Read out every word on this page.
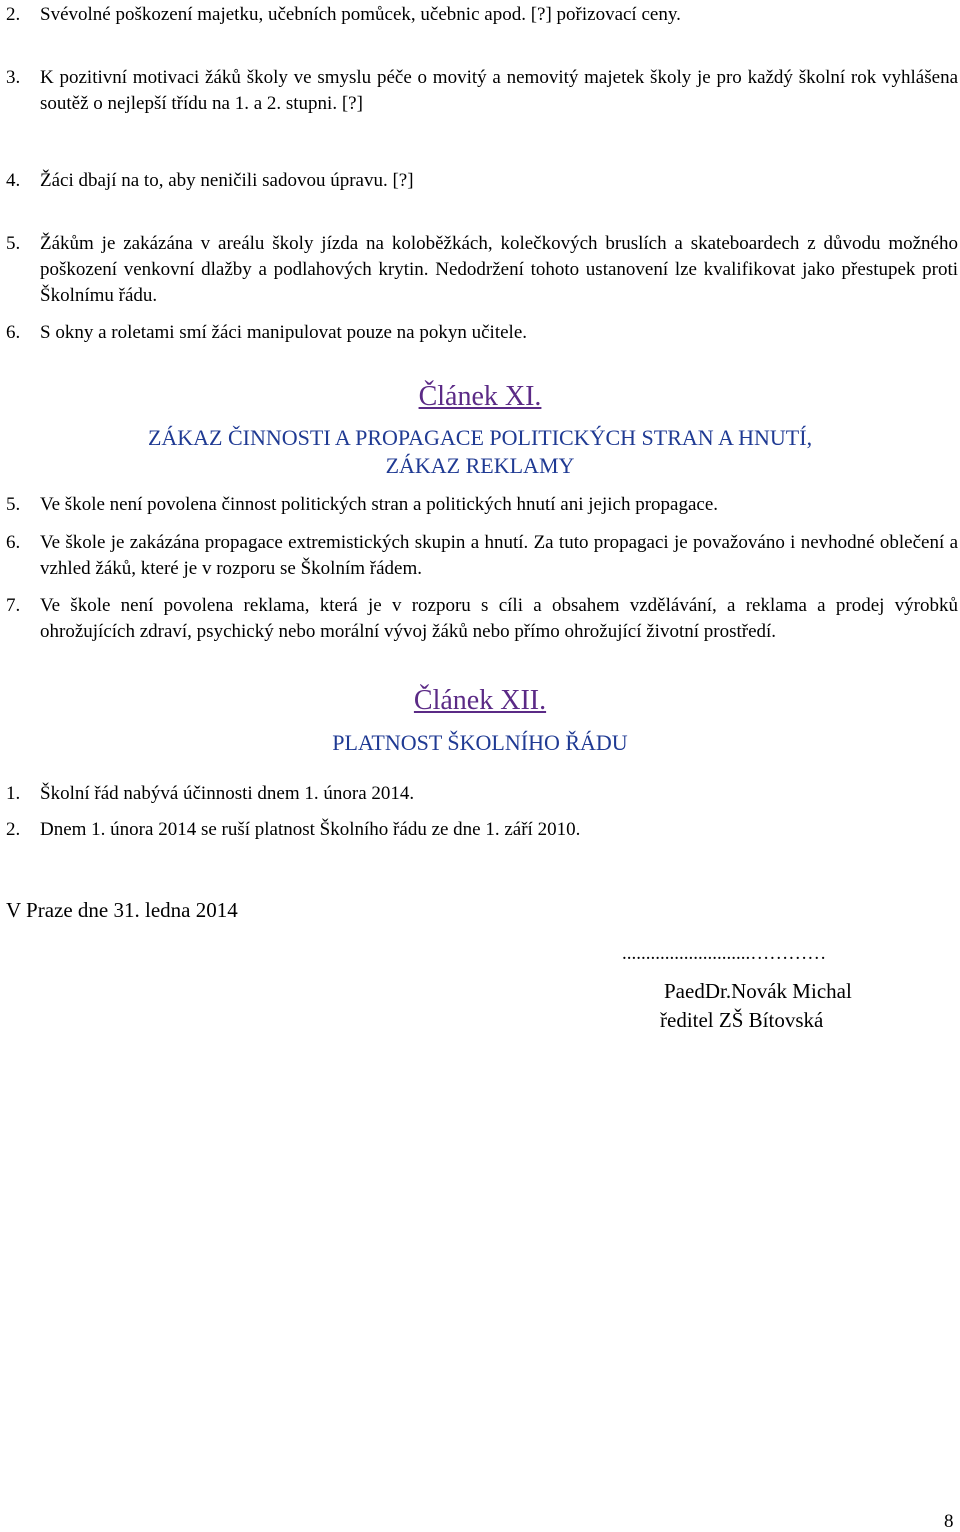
2.	Svévolné poškození majetku, učebních pomůcek, učebnic apod. [?] pořizovací ceny.
3.	K pozitivní motivaci žáků školy ve smyslu péče o movitý a nemovitý majetek školy je pro každý školní rok vyhlášena soutěž o nejlepší třídu na 1. a 2. stupni. [?]
4.	Žáci dbají na to, aby neničili sadovou úpravu. [?]
5.	Žákům je zakázána v areálu školy jízda na koloběžkách, kolečkových bruslích a skateboardech z důvodu možného poškození venkovní dlažby a podlahových krytin. Nedodržení tohoto ustanovení lze kvalifikovat jako přestupek proti Školnímu řádu.
6.	S okny a roletami smí žáci manipulovat pouze na pokyn učitele.
Článek XI.
ZÁKAZ ČINNOSTI A PROPAGACE POLITICKÝCH STRAN A HNUTÍ,
ZÁKAZ REKLAMY
5.	Ve škole není povolena činnost politických stran a politických hnutí ani jejich propagace.
6.	Ve škole je zakázána propagace extremistických skupin a hnutí. Za tuto propagaci je považováno i nevhodné oblečení a vzhled žáků, které je v rozporu se Školním řádem.
7.	Ve škole není povolena reklama, která je v rozporu s cíli a obsahem vzdělávání, a reklama a prodej výrobků ohrožujících zdraví, psychický nebo morální vývoj žáků nebo přímo ohrožující životní prostředí.
Článek XII.
PLATNOST ŠKOLNÍHO ŘÁDU
1.	Školní řád nabývá účinnosti dnem 1. února 2014.
2.	Dnem 1. února 2014 se ruší platnost Školního řádu ze dne 1. září 2010.
V Praze dne 31. ledna 2014
...........................…………
PaedDr.Novák Michal
ředitel ZŠ Bítovská
8
